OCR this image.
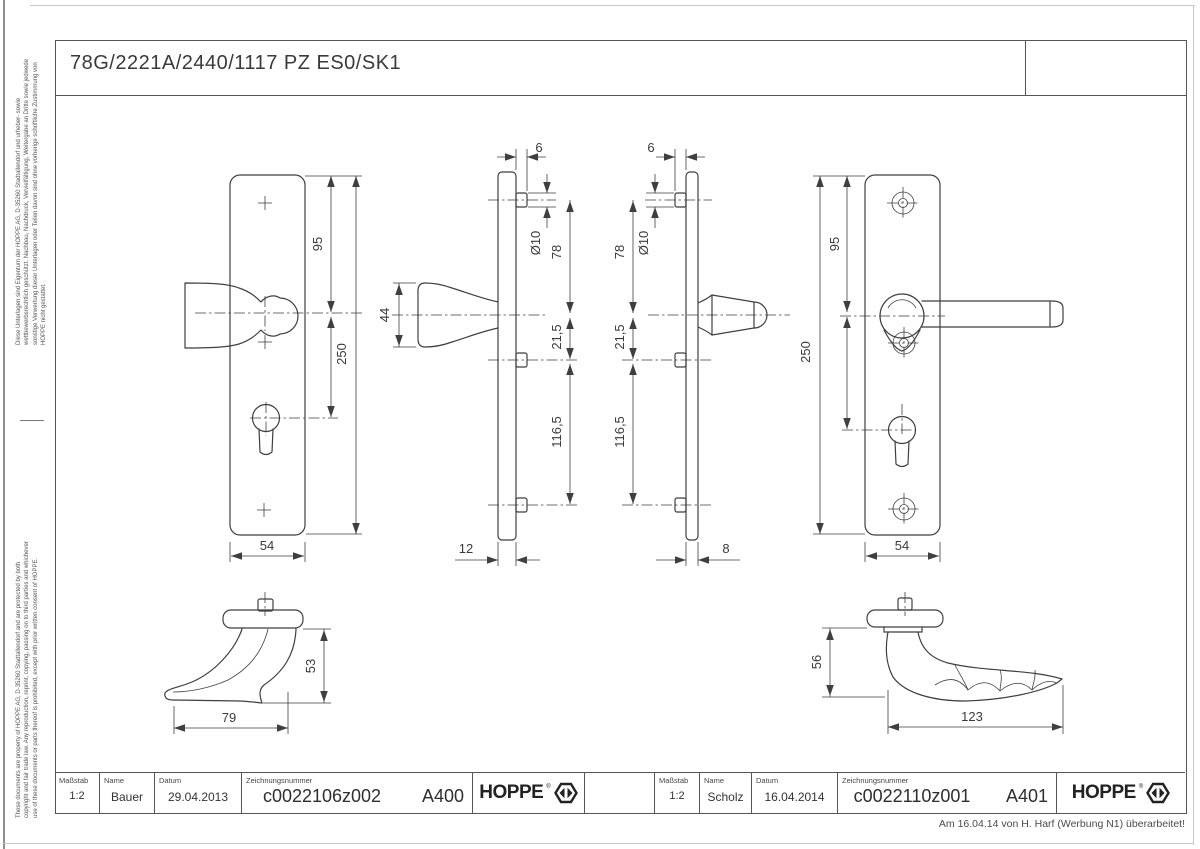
Diese Unterlagen sind Eigentum der HOPPE AG, D-35260 Stadtallendorf und urheber- sowie wettbewerbsrechtlich geschützt. Nachbau, Nachdruck, Vervielfältigung, Weitergabe an Dritte sowie jedwede sonstige Verwertung dieser Unterlagen oder Teilen davon sind ohne vorherige schriftliche Zustimmung von HOPPE nicht gestattet.
These documents are property of HOPPE AG, D-35260 Stadtallendorf and are protected by both copyright and fair trade law. Any reproduction, reprint, copying, passing on to third parties and whichever use of these documents or parts thereof is prohibited, except with prior written consent of HOPPE.
78G/2221A/2440/1117 PZ ES0/SK1
95
250
54
6
Ø10 78
21,5
116,5
44
12
6
Ø10
78
21,5
116,5
8
95
250
54
53
79
56
123
Maßstab
1:2
Name
Bauer
Datum
29.04.2013
Zeichnungsnummer
c0022106z002	A400 HOPPE ®
Maßstab
1:2
Name
Scholz
Datum
16.04.2014
Zeichnungsnummer
c0022110z001	A401 HOPPE ®
Am 16.04.14 von H. Harf (Werbung N1) überarbeitet!
